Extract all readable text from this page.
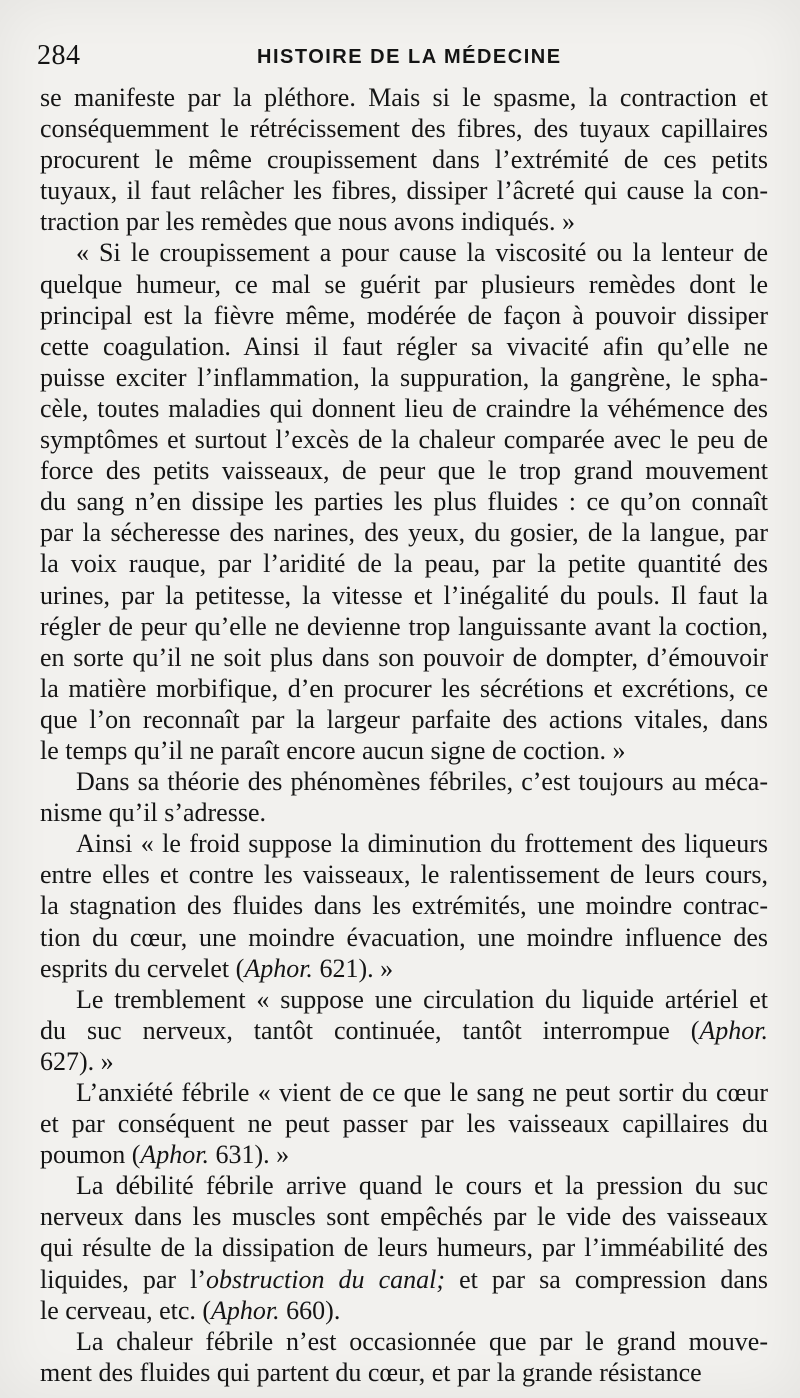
284	HISTOIRE DE LA MÉDECINE
se manifeste par la pléthore. Mais si le spasme, la contraction et
conséquemment le rétrécissement des fibres, des tuyaux capillaires
procurent le même croupissement dans l’extrémité de ces petits
tuyaux, il faut relâcher les fibres, dissiper l’âcreté qui cause la con-
traction par les remèdes que nous avons indiqués. »
« Si le croupissement a pour cause la viscosité ou la lenteur de
quelque humeur, ce mal se guérit par plusieurs remèdes dont le
principal est la fièvre même, modérée de façon à pouvoir dissiper
cette coagulation. Ainsi il faut régler sa vivacité afin qu’elle ne
puisse exciter l’inflammation, la suppuration, la gangrène, le spha-
cèle, toutes maladies qui donnent lieu de craindre la véhémence des
symptômes et surtout l’excès de la chaleur comparée avec le peu de
force des petits vaisseaux, de peur que le trop grand mouvement
du sang n’en dissipe les parties les plus fluides : ce qu’on connaît
par la sécheresse des narines, des yeux, du gosier, de la langue, par
la voix rauque, par l’aridité de la peau, par la petite quantité des
urines, par la petitesse, la vitesse et l’inégalité du pouls. Il faut la
régler de peur qu’elle ne devienne trop languissante avant la coction,
en sorte qu’il ne soit plus dans son pouvoir de dompter, d’émouvoir
la matière morbifique, d’en procurer les sécrétions et excrétions, ce
que l’on reconnaît par la largeur parfaite des actions vitales, dans
le temps qu’il ne paraît encore aucun signe de coction. »
Dans sa théorie des phénomènes fébriles, c’est toujours au méca-
nisme qu’il s’adresse.
Ainsi « le froid suppose la diminution du frottement des liqueurs
entre elles et contre les vaisseaux, le ralentissement de leurs cours,
la stagnation des fluides dans les extrémités, une moindre contrac-
tion du cœur, une moindre évacuation, une moindre influence des
esprits du cervelet (Aphor. 621). »
Le tremblement « suppose une circulation du liquide artériel et
du suc nerveux, tantôt continuée, tantôt interrompue (Aphor.
627). »
L’anxiété fébrile « vient de ce que le sang ne peut sortir du cœur
et par conséquent ne peut passer par les vaisseaux capillaires du
poumon (Aphor. 631). »
La débilité fébrile arrive quand le cours et la pression du suc
nerveux dans les muscles sont empêchés par le vide des vaisseaux
qui résulte de la dissipation de leurs humeurs, par l’imméabilité des
liquides, par l’obstruction du canal; et par sa compression dans
le cerveau, etc. (Aphor. 660).
La chaleur fébrile n’est occasionnée que par le grand mouve-
ment des fluides qui partent du cœur, et par la grande résistance
